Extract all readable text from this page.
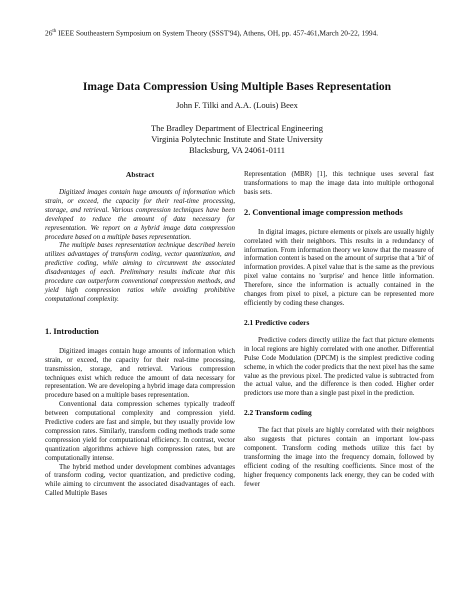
26th IEEE Southeastern Symposium on System Theory (SSST'94), Athens, OH, pp. 457-461,March 20-22, 1994.
Image Data Compression Using Multiple Bases Representation
John F. Tilki and A.A. (Louis) Beex
The Bradley Department of Electrical Engineering
Virginia Polytechnic Institute and State University
Blacksburg, VA 24061-0111
Abstract

Digitized images contain huge amounts of information which strain, or exceed, the capacity for their real-time processing, storage, and retrieval. Various compression techniques have been developed to reduce the amount of data necessary for representation. We report on a hybrid image data compression procedure based on a multiple bases representation.

The multiple bases representation technique described herein utilizes advantages of transform coding, vector quantization, and predictive coding, while aiming to circumvent the associated disadvantages of each. Preliminary results indicate that this procedure can outperform conventional compression methods, and yield high compression ratios while avoiding prohibitive computational complexity.

1. Introduction

Digitized images contain huge amounts of information which strain, or exceed, the capacity for their real-time processing, transmission, storage, and retrieval. Various compression techniques exist which reduce the amount of data necessary for representation. We are developing a hybrid image data compression procedure based on a multiple bases representation.

Conventional data compression schemes typically tradeoff between computational complexity and compression yield. Predictive coders are fast and simple, but they usually provide low compression rates. Similarly, transform coding methods trade some compression yield for computational efficiency. In contrast, vector quantization algorithms achieve high compression rates, but are computationally intense.

The hybrid method under development combines advantages of transform coding, vector quantization, and predictive coding, while aiming to circumvent the associated disadvantages of each. Called Multiple Bases

Representation (MBR) [1], this technique uses several fast transformations to map the image data into multiple orthogonal basis sets.

2. Conventional image compression methods

In digital images, picture elements or pixels are usually highly correlated with their neighbors. This results in a redundancy of information. From information theory we know that the measure of information content is based on the amount of surprise that a 'bit' of information provides. A pixel value that is the same as the previous pixel value contains no 'surprise' and hence little information. Therefore, since the information is actually contained in the changes from pixel to pixel, a picture can be represented more efficiently by coding these changes.

2.1 Predictive coders

Predictive coders directly utilize the fact that picture elements in local regions are highly correlated with one another. Differential Pulse Code Modulation (DPCM) is the simplest predictive coding scheme, in which the coder predicts that the next pixel has the same value as the previous pixel. The predicted value is subtracted from the actual value, and the difference is then coded. Higher order predictors use more than a single past pixel in the prediction.

2.2 Transform coding

The fact that pixels are highly correlated with their neighbors also suggests that pictures contain an important low-pass component. Transform coding methods utilize this fact by transforming the image into the frequency domain, followed by efficient coding of the resulting coefficients. Since most of the higher frequency components lack energy, they can be coded with fewer
